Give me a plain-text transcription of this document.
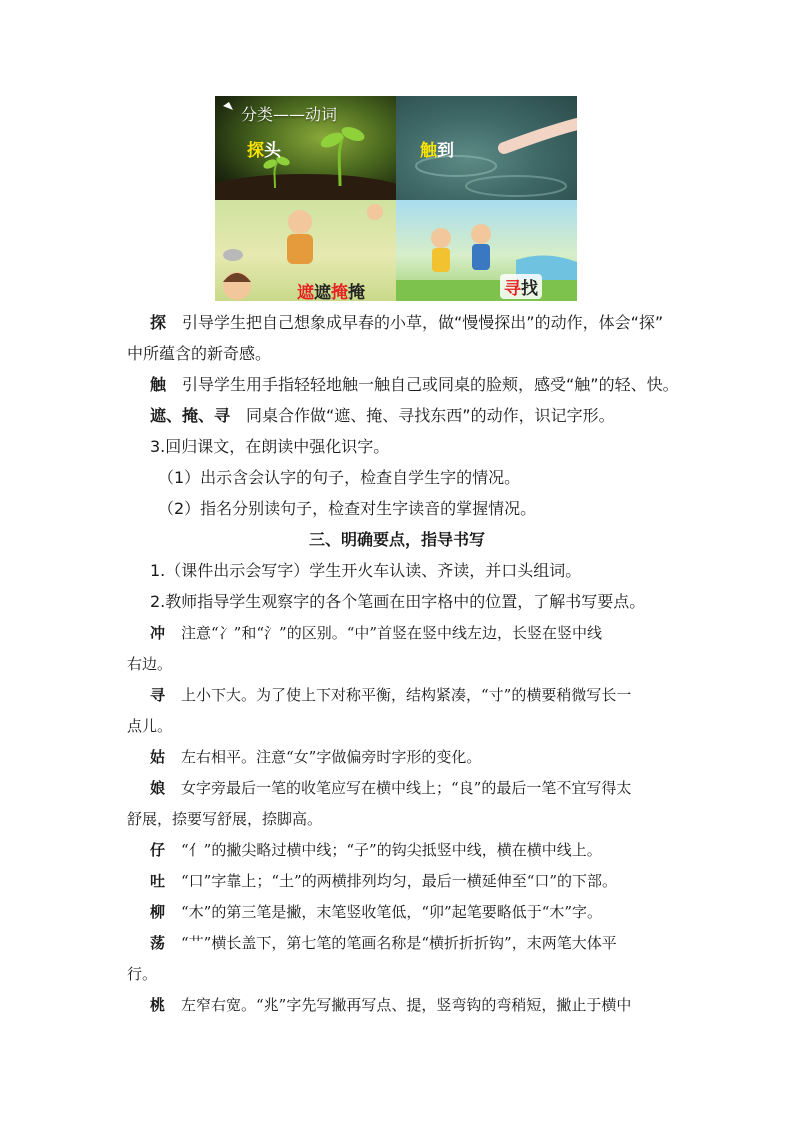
分类——动词
探头	触到
遮遮掩掩	寻找
探 引导学生把自己想象成早春的小草，做“慢慢探出”的动作，体会“探”
中所蕴含的新奇感。
触 引导学生用手指轻轻地触一触自己或同桌的脸颊，感受“触”的轻、快。
遮、掩、寻 同桌合作做“遮、掩、寻找东西”的动作，识记字形。
3.回归课文，在朗读中强化识字。
（1）出示含会认字的句子，检查自学生字的情况。
（2）指名分别读句子，检查对生字读音的掌握情况。
三、明确要点，指导书写
1.（课件出示会写字）学生开火车认读、齐读，并口头组词。
2.教师指导学生观察字的各个笔画在田字格中的位置，了解书写要点。
冲 注意“冫”和“氵”的区别。“中”首竖在竖中线左边，长竖在竖中线
右边。
寻 上小下大。为了使上下对称平衡，结构紧凑，“寸”的横要稍微写长一
点儿。
姑 左右相平。注意“女”字做偏旁时字形的变化。
娘 女字旁最后一笔的收笔应写在横中线上；“良”的最后一笔不宜写得太
舒展，捺要写舒展，捺脚高。
仔 “亻”的撇尖略过横中线；“子”的钩尖抵竖中线，横在横中线上。
吐 “口”字靠上；“土”的两横排列均匀，最后一横延伸至“口”的下部。
柳 “木”的第三笔是撇，末笔竖收笔低，“卯”起笔要略低于“木”字。
荡 “艹”横长盖下，第七笔的笔画名称是“横折折折钩”，末两笔大体平
行。
桃 左窄右宽。“兆”字先写撇再写点、提，竖弯钩的弯稍短，撇止于横中
